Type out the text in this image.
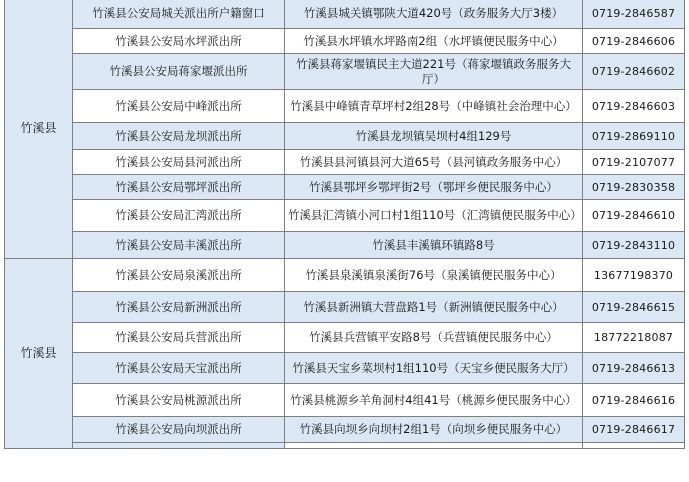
竹溪县	竹溪县公安局城关派出所户籍窗口	竹溪县城关镇鄂陕大道420号（政务服务大厅3楼）	0719-2846587	
	竹溪县公安局水坪派出所	竹溪县水坪镇水坪路南2组（水坪镇便民服务中心）	0719-2846606	
	竹溪县公安局蒋家堰派出所	竹溪县蒋家堰镇民主大道221号（蒋家堰镇政务服务大厅）	0719-2846602	
	竹溪县公安局中峰派出所	竹溪县中峰镇青草坪村2组28号（中峰镇社会治理中心）	0719-2846603	
	竹溪县公安局龙坝派出所	竹溪县龙坝镇吴坝村4组129号	0719-2869110	
	竹溪县公安局县河派出所	竹溪县县河镇县河大道65号（县河镇政务服务中心）	0719-2107077	
	竹溪县公安局鄂坪派出所	竹溪县鄂坪乡鄂坪街2号（鄂坪乡便民服务中心）	0719-2830358	
	竹溪县公安局汇湾派出所	竹溪县汇湾镇小河口村1组110号（汇湾镇便民服务中心）	0719-2846610	
	竹溪县公安局丰溪派出所	竹溪县丰溪镇环镇路8号	0719-2843110	
竹溪县	竹溪县公安局泉溪派出所	竹溪县泉溪镇泉溪街76号（泉溪镇便民服务中心）	13677198370	
	竹溪县公安局新洲派出所	竹溪县新洲镇大营盘路1号（新洲镇便民服务中心）	0719-2846615	
	竹溪县公安局兵营派出所	竹溪县兵营镇平安路8号（兵营镇便民服务中心）	18772218087	
	竹溪县公安局天宝派出所	竹溪县天宝乡菜坝村1组110号（天宝乡便民服务大厅）	0719-2846613	
	竹溪县公安局桃源派出所	竹溪县桃源乡羊角洞村4组41号（桃源乡便民服务中心）	0719-2846616	
	竹溪县公安局向坝派出所	竹溪县向坝乡向坝村2组1号（向坝乡便民服务中心）	0719-2846617	
